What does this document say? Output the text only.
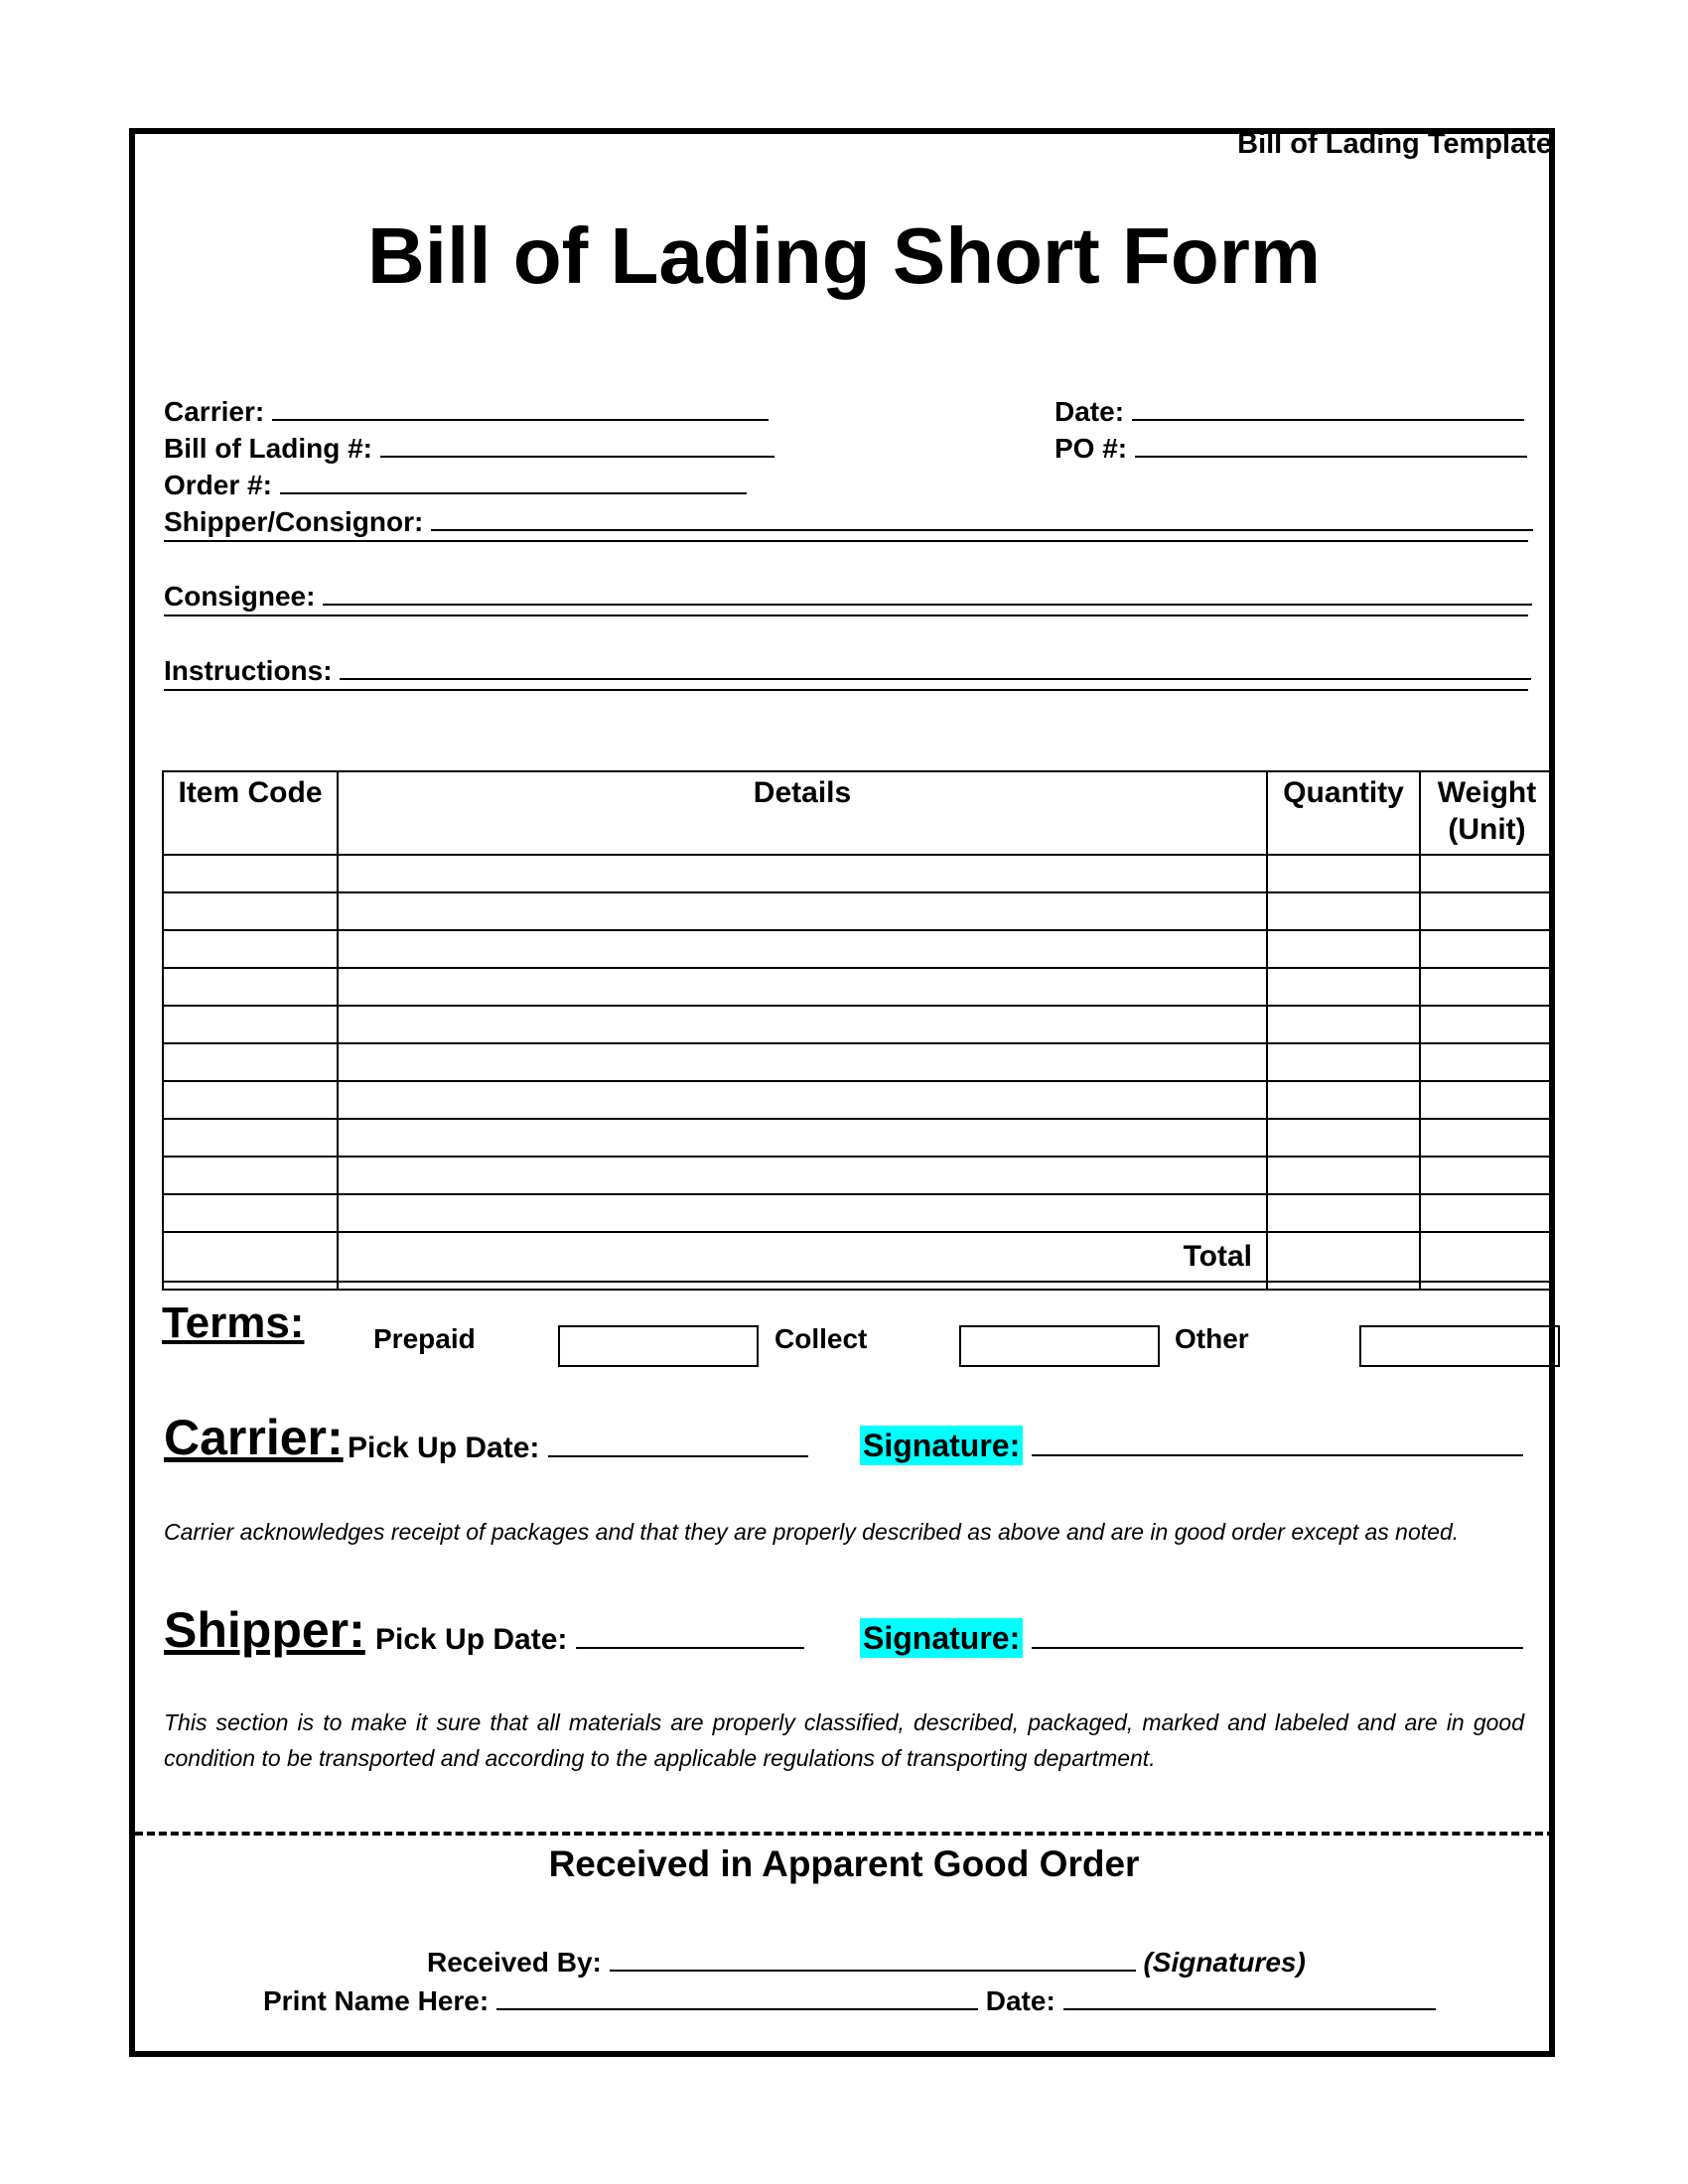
Bill of Lading Template
Bill of Lading Short Form
Carrier:	Date:
Bill of Lading #:	PO #:
Order #:
Shipper/Consignor:
Consignee:
Instructions:
Item Code	Details	Quantity	Weight
(Unit)

	Total		

Terms: Prepaid	Collect	Other
Carrier: Pick Up Date:	Signature:
Carrier acknowledges receipt of packages and that they are properly described as above and are in good order except as noted.
Shipper: Pick Up Date:	Signature:
This section is to make it sure that all materials are properly classified, described, packaged, marked and labeled and are in good
condition to be transported and according to the applicable regulations of transporting department.
Received in Apparent Good Order
Received By:	(Signatures)
Print Name Here:	Date:
